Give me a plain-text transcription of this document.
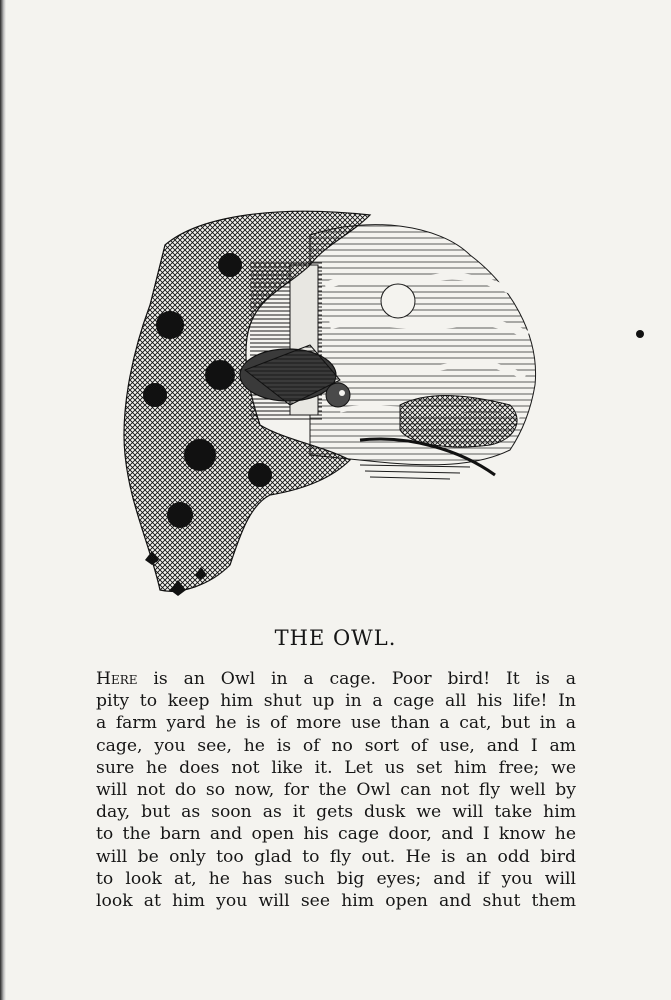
THE OWL.
Here is an Owl in a cage. Poor bird! It is a
pity to keep him shut up in a cage all his life! In
a farm yard he is of more use than a cat, but in a
cage, you see, he is of no sort of use, and I am
sure he does not like it. Let us set him free; we
will not do so now, for the Owl can not fly well by
day, but as soon as it gets dusk we will take him
to the barn and open his cage door, and I know he
will be only too glad to fly out. He is an odd bird
to look at, he has such big eyes; and if you will
look at him you will see him open and shut them
